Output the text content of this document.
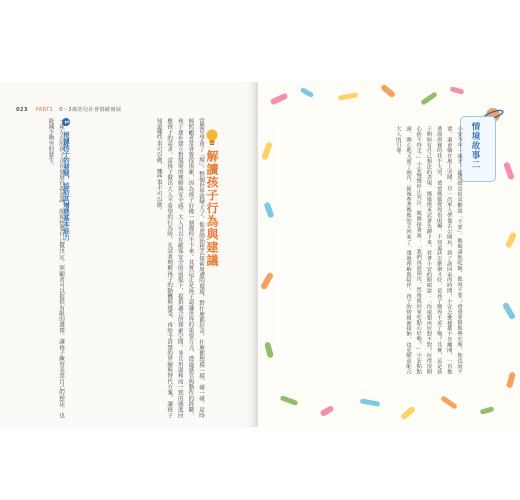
023 PART1 0～3歲幼兒社會情緒發展
解讀孩子行為與建議
當嬰兒學會了「爬」，整個世界就變大了，他會開始想去探索周遭的環境，對什麼都好奇，什麼都想摸一摸、碰一碰。這時候照顧者常會覺得很累，因為孩子好像一刻都停不下來。其實這正是孩子認識世界的重要方式，透過感官與動作的經驗，孩子逐步建立對環境的理解與安全感。大人可以在確保安全的前提下，提供適合的探索空間，並且用溫和而一致的態度回應孩子的需求。當孩子做出大人不希望的行為時，先試著理解孩子的動機與感受，再給予清楚的界線與替代方案，讓孩子知道哪些事可以做、哪些事不可以做。
1 根據孩子的發展，協助其增進基本能力
一歲左右的孩子正在發展自我意識，開始想要自己做決定。照顧者可以提供有限的選擇，讓孩子練習表達自己的想法，也能減少衝突的發生。	情境故事二
小安今年一歲半，最近總是很喜歡說「不要」。媽媽請他吃飯，他說不要；爸爸要幫他換衣服，他也說不要，還會躺在地上哭鬧。有一次家人帶他去公園玩，到了該回家的時間，小安怎麼樣都不肯離開，一直抱著溜滑梯的扶手大哭。爸爸媽媽覺得很困擾，不知道該怎麼辦才好，是孩子變得不乖了嗎？其實，這是孩子開始有自己想法的表現。媽媽後來試著先蹲下來，看著小安的眼睛說：「你還想再玩對不對？玩得很開心捨不得走。」小安慢慢停止哭泣。媽媽接著說：「我們再溜兩次，然後就回家吃點心好嗎？」小安點點頭，開心地又溜了兩次，最後牽著媽媽的手回家了。透過理解與陪伴，孩子的情緒被接納，也更願意配合大人的引導。
